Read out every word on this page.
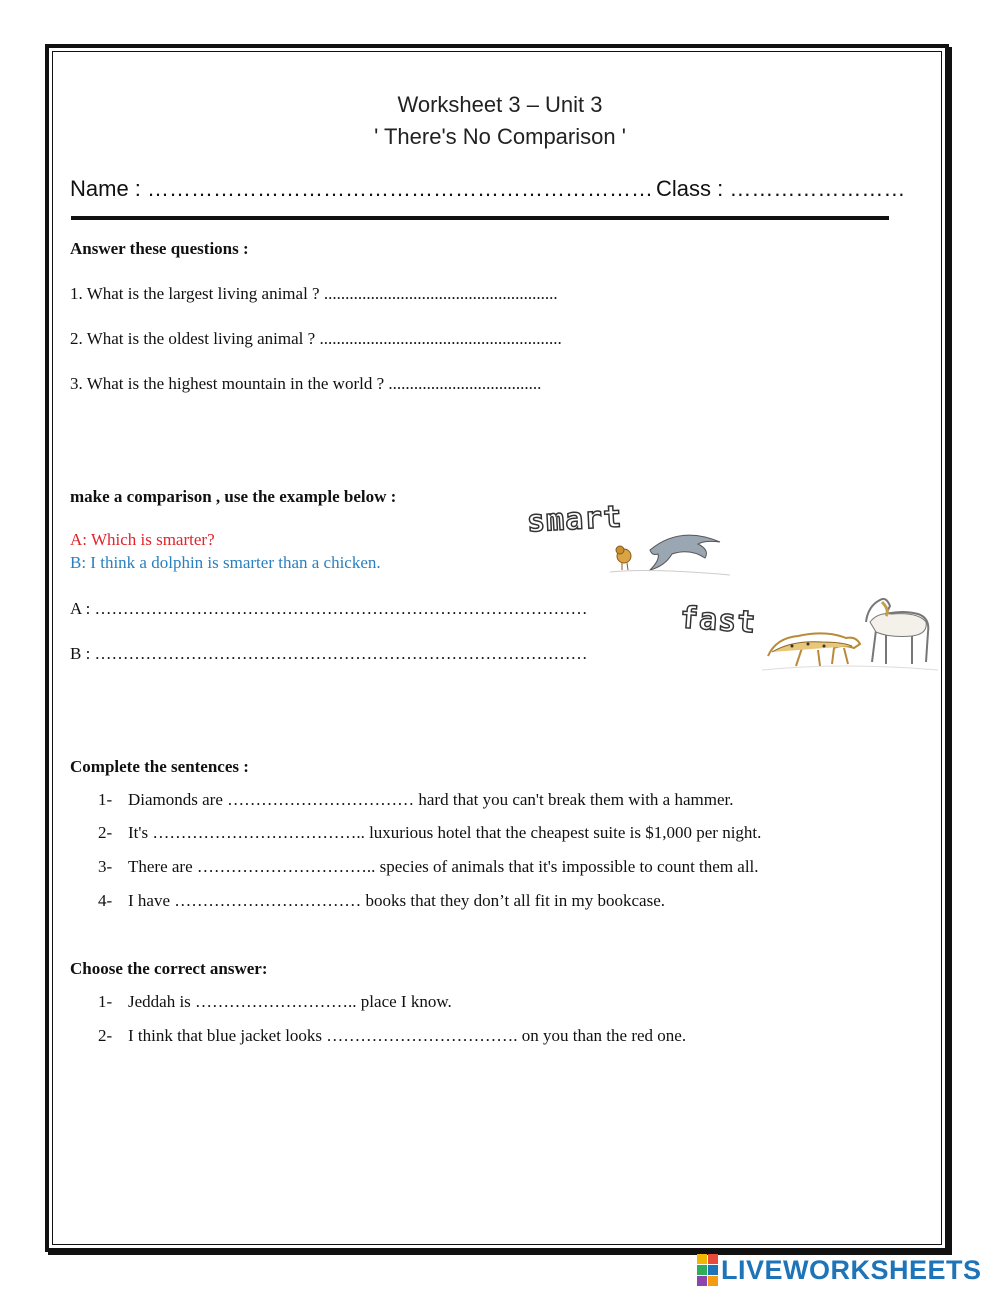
Worksheet 3 – Unit 3
' There's No Comparison '
Name : …………………………………………………………… Class : ……………………
Answer these questions :
1. What is the largest living animal ? .......................................................
2. What is the oldest living animal ? .........................................................
3. What is the highest mountain in the world ? ....................................
make a comparison , use the example below :
A: Which is smarter?
B: I think a dolphin is smarter than a chicken.
A : ……………………………………………………………………………
B : ……………………………………………………………………………
smart
fast
Complete the sentences :
1- Diamonds are …………………………… hard that you can't break them with a hammer.
2- It's ……………………………….. luxurious hotel that the cheapest suite is $1,000 per night.
3- There are ………………………….. species of animals that it's impossible to count them all.
4- I have …………………………… books that they don’t all fit in my bookcase.
Choose the correct answer:
1- Jeddah is ……………………….. place I know.
2- I think that blue jacket looks ……………………………. on you than the red one.
LIVEWORKSHEETS
